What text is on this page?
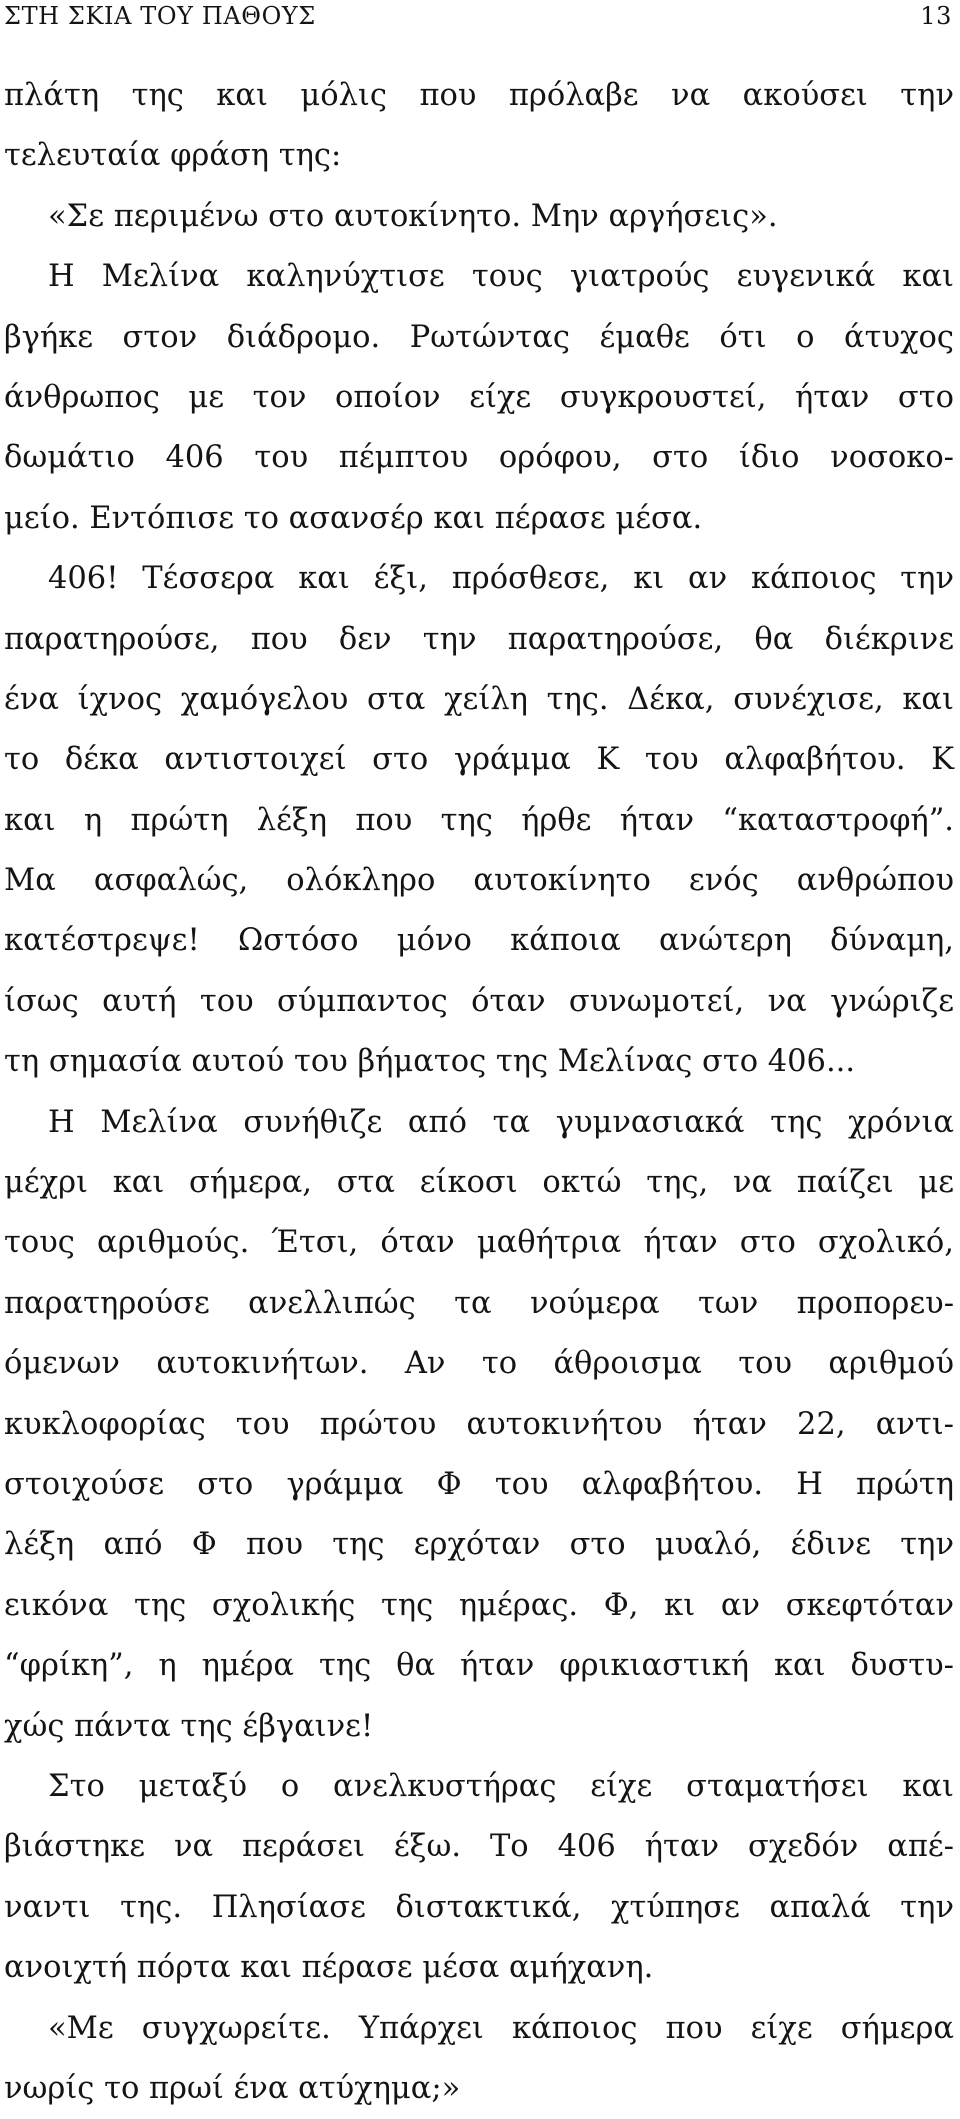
ΣΤΗ ΣΚΙΑ ΤΟΥ ΠΑΘΟΥΣ	13
πλάτη της και μόλις που πρόλαβε να ακούσει την
τελευταία φράση της:
«Σε περιμένω στο αυτοκίνητο. Μην αργήσεις».
Η Μελίνα καληνύχτισε τους γιατρούς ευγενικά και
βγήκε στον διάδρομο. Ρωτώντας έμαθε ότι ο άτυχος
άνθρωπος με τον οποίον είχε συγκρουστεί, ήταν στο
δωμάτιο 406 του πέμπτου ορόφου, στο ίδιο νοσοκο-
μείο. Εντόπισε το ασανσέρ και πέρασε μέσα.
406! Τέσσερα και έξι, πρόσθεσε, κι αν κάποιος την
παρατηρούσε, που δεν την παρατηρούσε, θα διέκρινε
ένα ίχνος χαμόγελου στα χείλη της. Δέκα, συνέχισε, και
το δέκα αντιστοιχεί στο γράμμα Κ του αλφαβήτου. Κ
και η πρώτη λέξη που της ήρθε ήταν “καταστροφή”.
Μα ασφαλώς, ολόκληρο αυτοκίνητο ενός ανθρώπου
κατέστρεψε! Ωστόσο μόνο κάποια ανώτερη δύναμη,
ίσως αυτή του σύμπαντος όταν συνωμοτεί, να γνώριζε
τη σημασία αυτού του βήματος της Μελίνας στο 406...
Η Μελίνα συνήθιζε από τα γυμνασιακά της χρόνια
μέχρι και σήμερα, στα είκοσι οκτώ της, να παίζει με
τους αριθμούς. Έτσι, όταν μαθήτρια ήταν στο σχολικό,
παρατηρούσε ανελλιπώς τα νούμερα των προπορευ-
όμενων αυτοκινήτων. Αν το άθροισμα του αριθμού
κυκλοφορίας του πρώτου αυτοκινήτου ήταν 22, αντι-
στοιχούσε στο γράμμα Φ του αλφαβήτου. Η πρώτη
λέξη από Φ που της ερχόταν στο μυαλό, έδινε την
εικόνα της σχολικής της ημέρας. Φ, κι αν σκεφτόταν
“φρίκη”, η ημέρα της θα ήταν φρικιαστική και δυστυ-
χώς πάντα της έβγαινε!
Στο μεταξύ ο ανελκυστήρας είχε σταματήσει και
βιάστηκε να περάσει έξω. Το 406 ήταν σχεδόν απέ-
ναντι της. Πλησίασε διστακτικά, χτύπησε απαλά την
ανοιχτή πόρτα και πέρασε μέσα αμήχανη.
«Με συγχωρείτε. Υπάρχει κάποιος που είχε σήμερα
νωρίς το πρωί ένα ατύχημα;»
